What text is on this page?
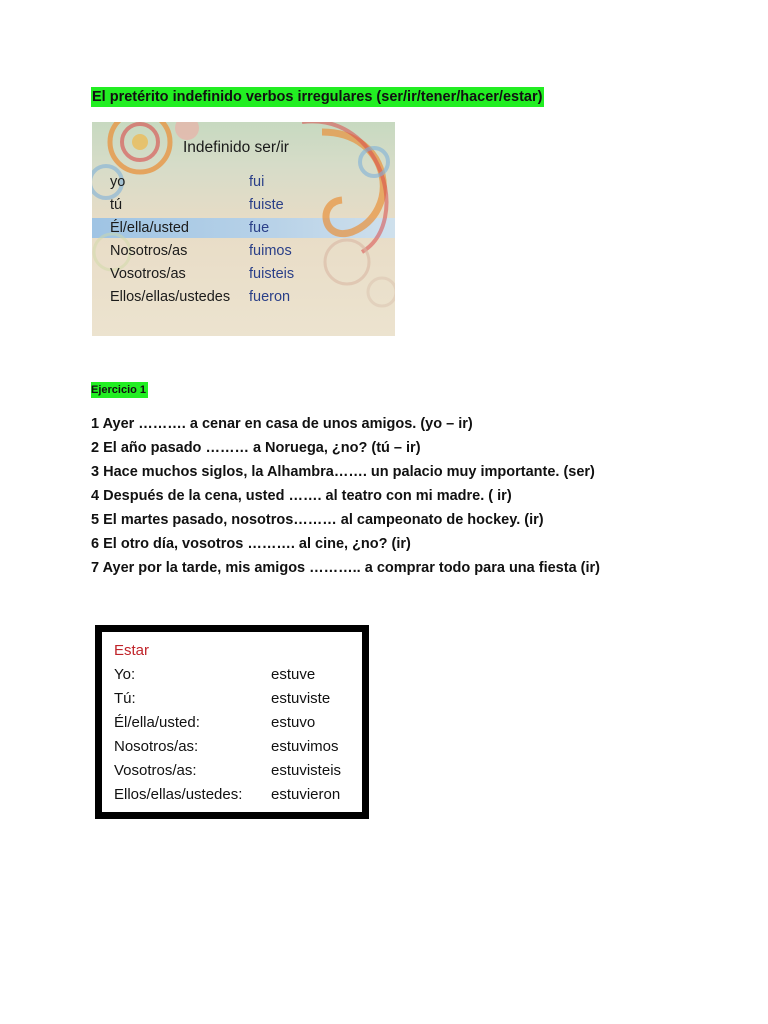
El pretérito indefinido verbos irregulares (ser/ir/tener/hacer/estar)
Indefinido ser/ir
yo	fui
tú	fuiste
Él/ella/usted	fue
Nosotros/as	fuimos
Vosotros/as	fuisteis
Ellos/ellas/ustedes fueron
Ejercicio 1
1 Ayer ………. a cenar en casa de unos amigos. (yo – ir)
2 El año pasado ……… a Noruega, ¿no? (tú – ir)
3 Hace muchos siglos, la Alhambra……. un palacio muy importante. (ser)
4 Después de la cena, usted ……. al teatro con mi madre. ( ir)
5 El martes pasado, nosotros……… al campeonato de hockey. (ir)
6 El otro día, vosotros ………. al cine, ¿no? (ir)
7 Ayer por la tarde, mis amigos ……….. a comprar todo para una fiesta (ir)
Estar
Yo:	estuve
Tú:	estuviste
Él/ella/usted:	estuvo
Nosotros/as:	estuvimos
Vosotros/as:	estuvisteis
Ellos/ellas/ustedes: estuvieron
